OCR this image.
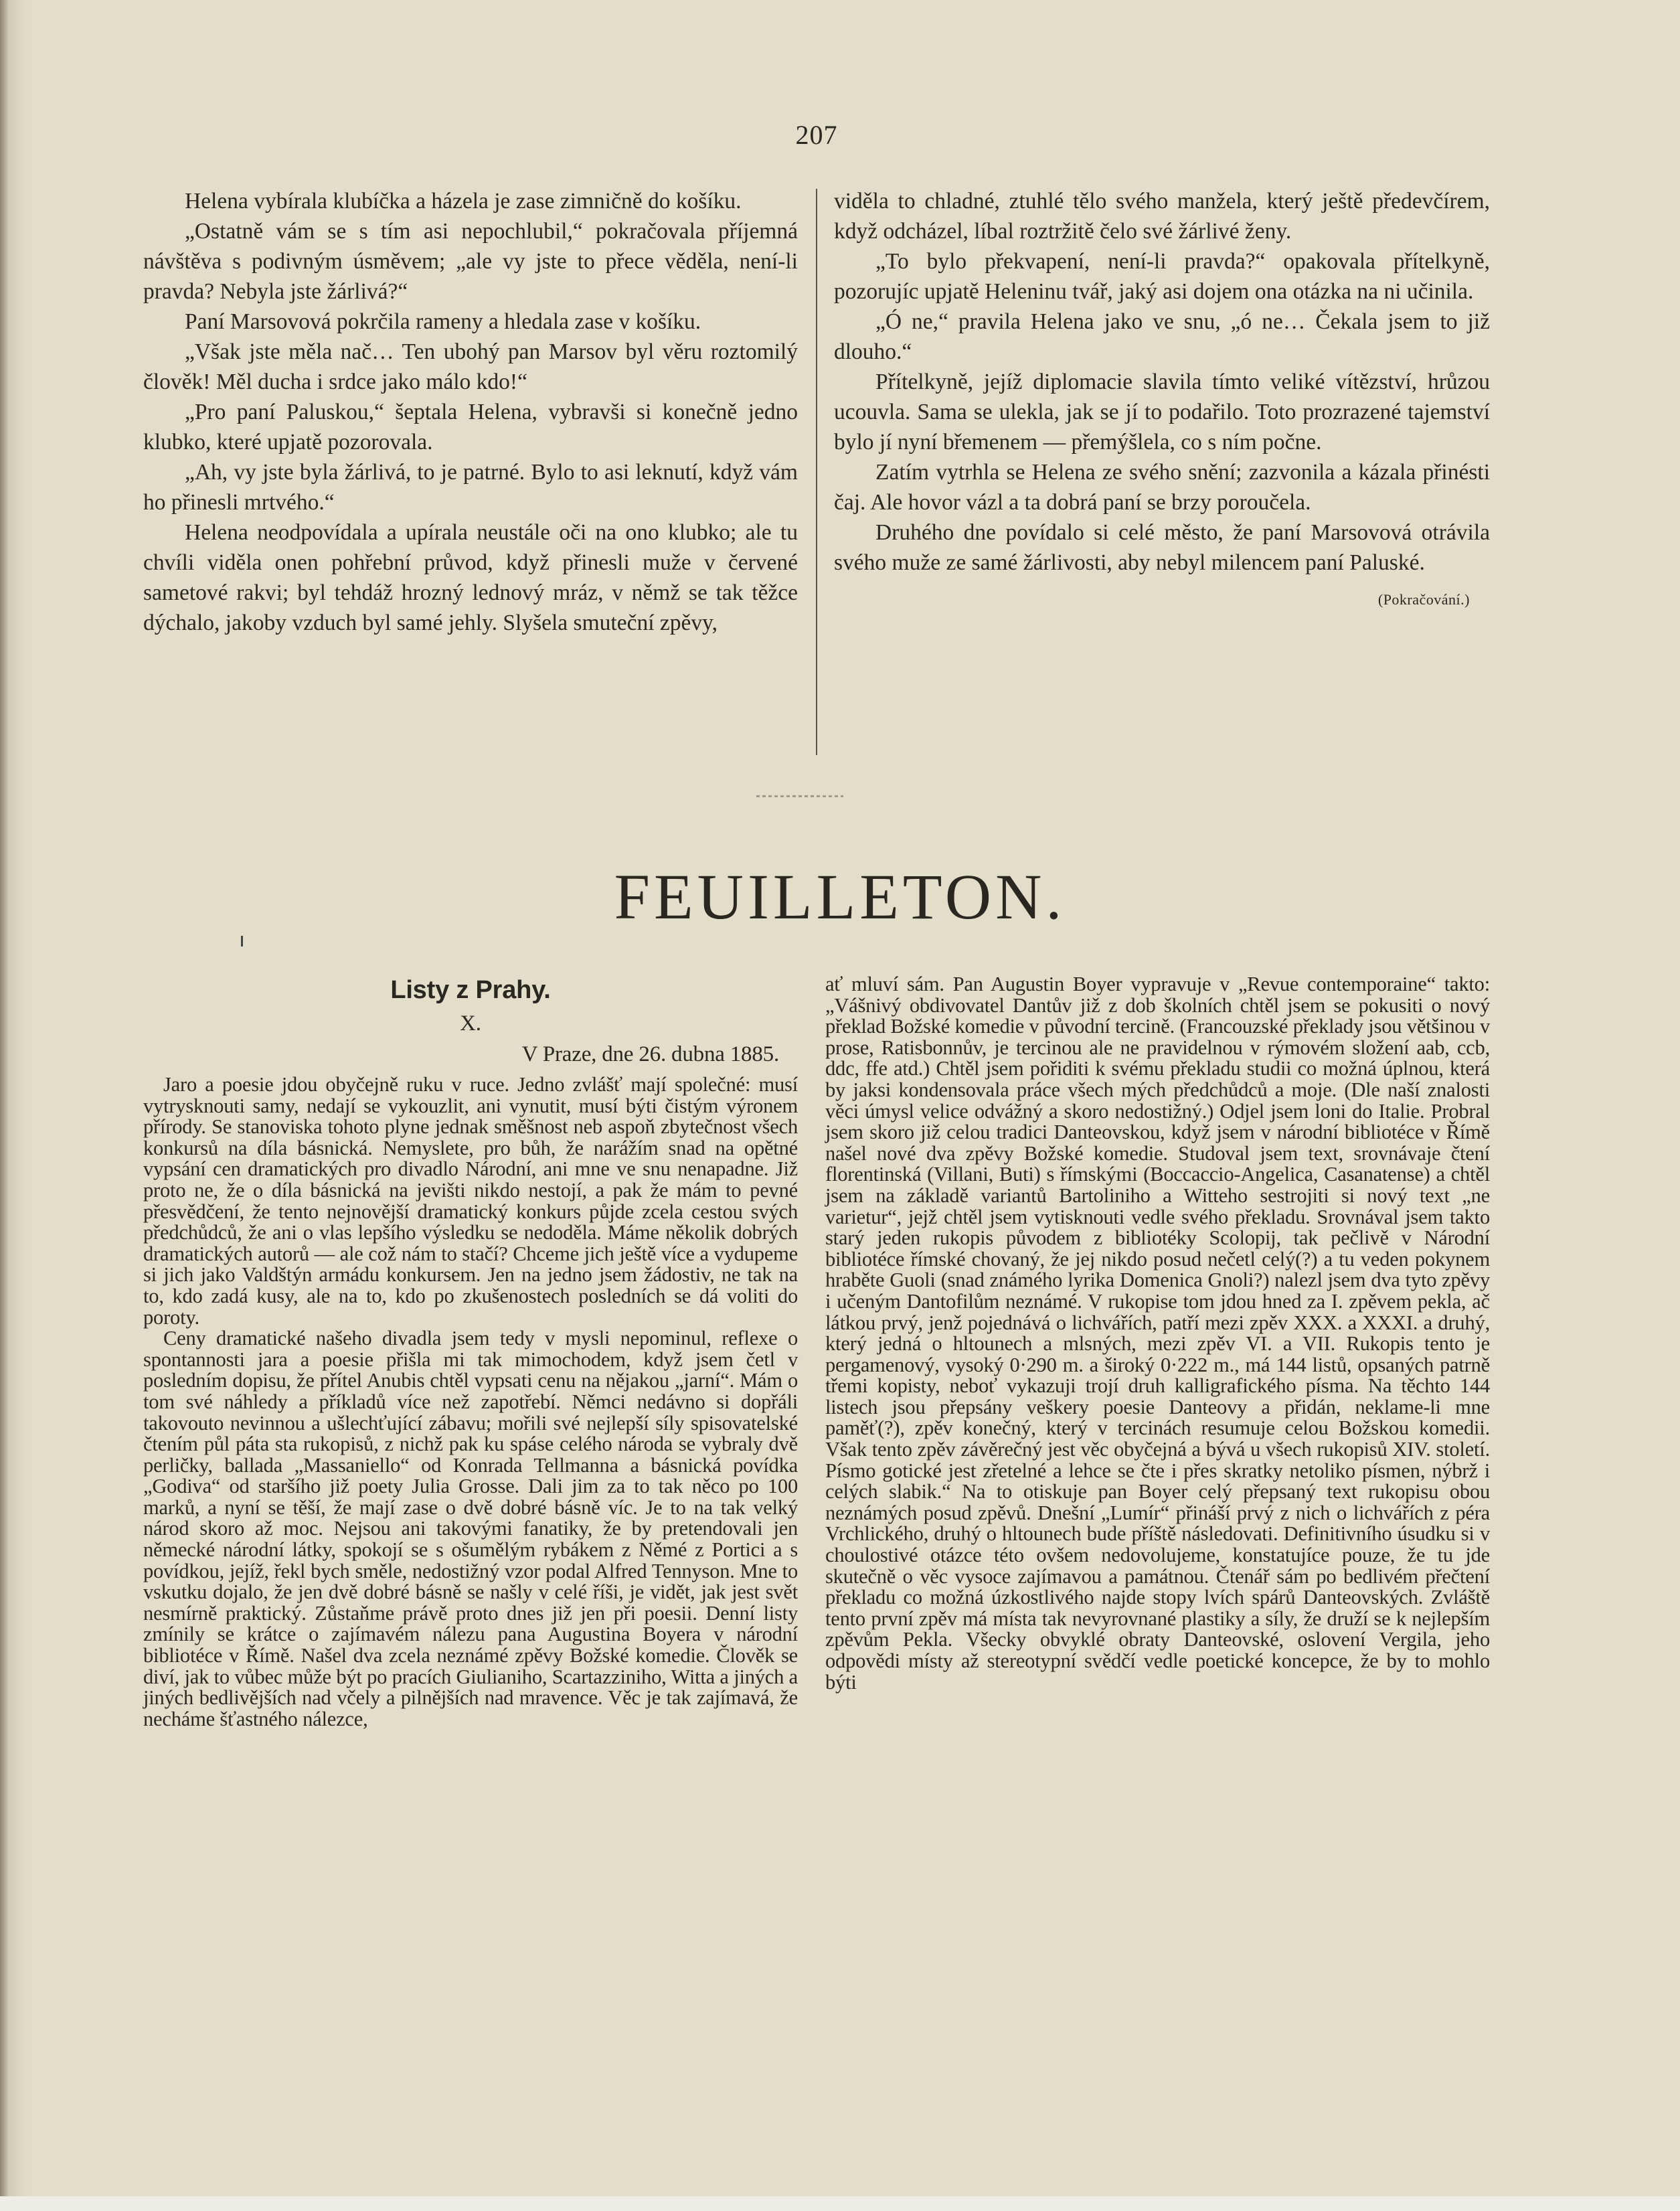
207

Helena vybírala klubíčka a házela je zase zimničně do košíku.

„Ostatně vám se s tím asi nepochlubil,“ pokračovala příjemná návštěva s podivným úsměvem; „ale vy jste to přece věděla, není-li pravda? Nebyla jste žárlivá?“

Paní Marsovová pokrčila rameny a hledala zase v košíku.

„Však jste měla nač… Ten ubohý pan Marsov byl věru roztomilý člověk! Měl ducha i srdce jako málo kdo!“

„Pro paní Paluskou,“ šeptala Helena, vybravši si konečně jedno klubko, které upjatě pozorovala.

„Ah, vy jste byla žárlivá, to je patrné. Bylo to asi leknutí, když vám ho přinesli mrtvého.“

Helena neodpovídala a upírala neustále oči na ono klubko; ale tu chvíli viděla onen pohřební průvod, když přinesli muže v červené sametové rakvi; byl tehdáž hrozný lednový mráz, v němž se tak těžce dýchalo, jakoby vzduch byl samé jehly. Slyšela smuteční zpěvy,

viděla to chladné, ztuhlé tělo svého manžela, který ještě předevčírem, když odcházel, líbal roztržitě čelo své žárlivé ženy.

„To bylo překvapení, není-li pravda?“ opakovala přítelkyně, pozorujíc upjatě Heleninu tvář, jaký asi dojem ona otázka na ni učinila.

„Ó ne,“ pravila Helena jako ve snu, „ó ne… Čekala jsem to již dlouho.“

Přítelkyně, jejíž diplomacie slavila tímto veliké vítězství, hrůzou ucouvla. Sama se ulekla, jak se jí to podařilo. Toto prozrazené tajemství bylo jí nyní břemenem — přemýšlela, co s ním počne.

Zatím vytrhla se Helena ze svého snění; zazvonila a kázala přinésti čaj. Ale hovor vázl a ta dobrá paní se brzy poroučela.

Druhého dne povídalo si celé město, že paní Marsovová otrávila svého muže ze samé žárlivosti, aby nebyl milencem paní Paluské.

(Pokračování.)
FEUILLETON.
Listy z Prahy.
X.
V Praze, dne 26. dubna 1885.

Jaro a poesie jdou obyčejně ruku v ruce. Jedno zvlášť mají společné: musí vytrysknouti samy, nedají se vykouzlit, ani vynutit, musí býti čistým výronem přírody. Se stanoviska tohoto plyne jednak směšnost neb aspoň zbytečnost všech konkursů na díla básnická. Nemyslete, pro bůh, že narážím snad na opětné vypsání cen dramatických pro divadlo Národní, ani mne ve snu nenapadne. Již proto ne, že o díla básnická na jevišti nikdo nestojí, a pak že mám to pevné přesvědčení, že tento nejnovější dramatický konkurs půjde zcela cestou svých předchůdců, že ani o vlas lepšího výsledku se nedoděla. Máme několik dobrých dramatických autorů — ale což nám to stačí? Chceme jich ještě více a vydupeme si jich jako Valdštýn armádu konkursem. Jen na jedno jsem žádostiv, ne tak na to, kdo zadá kusy, ale na to, kdo po zkušenostech posledních se dá voliti do poroty.

Ceny dramatické našeho divadla jsem tedy v mysli nepominul, reflexe o spontannosti jara a poesie přišla mi tak mimochodem, když jsem četl v posledním dopisu, že přítel Anubis chtěl vypsati cenu na nějakou „jarní“. Mám o tom své náhledy a příkladů více než zapotřebí. Němci nedávno si dopřáli takovouto nevinnou a ušlechťující zábavu; mořili své nejlepší síly spisovatelské čtením půl páta sta rukopisů, z nichž pak ku spáse celého národa se vybraly dvě perličky, ballada „Massaniello“ od Konrada Tellmanna a básnická povídka „Godiva“ od staršího již poety Julia Grosse. Dali jim za to tak něco po 100 marků, a nyní se těší, že mají zase o dvě dobré básně víc. Je to na tak velký národ skoro až moc. Nejsou ani takovými fanatiky, že by pretendovali jen německé národní látky, spokojí se s ošumělým rybákem z Němé z Portici a s povídkou, jejíž, řekl bych směle, nedostižný vzor podal Alfred Tennyson. Mne to vskutku dojalo, že jen dvě dobré básně se našly v celé říši, je vidět, jak jest svět nesmírně praktický. Zůstaňme právě proto dnes již jen při poesii. Denní listy zmínily se krátce o zajímavém nálezu pana Augustina Boyera v národní bibliotéce v Římě. Našel dva zcela neznámé zpěvy Božské komedie. Člověk se diví, jak to vůbec může být po pracích Giulianiho, Scartazziniho, Witta a jiných a jiných bedlivějších nad včely a pilnějších nad mravence. Věc je tak zajímavá, že necháme šťastného nálezce,

ať mluví sám. Pan Augustin Boyer vypravuje v „Revue contemporaine“ takto: „Vášnivý obdivovatel Dantův již z dob školních chtěl jsem se pokusiti o nový překlad Božské komedie v původní tercině. (Francouzské překlady jsou většinou v prose, Ratisbonnův, je tercinou ale ne pravidelnou v rýmovém složení aab, ccb, ddc, ffe atd.) Chtěl jsem pořiditi k svému překladu studii co možná úplnou, která by jaksi kondensovala práce všech mých předchůdců a moje. (Dle naší znalosti věci úmysl velice odvážný a skoro nedostižný.) Odjel jsem loni do Italie. Probral jsem skoro již celou tradici Danteovskou, když jsem v národní bibliotéce v Římě našel nové dva zpěvy Božské komedie. Studoval jsem text, srovnávaje čtení florentinská (Villani, Buti) s římskými (Boccaccio-Angelica, Casanatense) a chtěl jsem na základě variantů Bartoliniho a Witteho sestrojiti si nový text „ne varietur“, jejž chtěl jsem vytisknouti vedle svého překladu. Srovnával jsem takto starý jeden rukopis původem z bibliotéky Scolopij, tak pečlivě v Národní bibliotéce římské chovaný, že jej nikdo posud nečetl celý(?) a tu veden pokynem hraběte Guoli (snad známého lyrika Domenica Gnoli?) nalezl jsem dva tyto zpěvy i učeným Dantofilům neznámé. V rukopise tom jdou hned za I. zpěvem pekla, ač látkou prvý, jenž pojednává o lichvářích, patří mezi zpěv XXX. a XXXI. a druhý, který jedná o hltounech a mlsných, mezi zpěv VI. a VII. Rukopis tento je pergamenový, vysoký 0·290 m. a široký 0·222 m., má 144 listů, opsaných patrně třemi kopisty, neboť vykazuji trojí druh kalligrafického písma. Na těchto 144 listech jsou přepsány veškery poesie Danteovy a přidán, neklame-li mne paměť(?), zpěv konečný, který v tercinách resumuje celou Božskou komedii. Však tento zpěv závěrečný jest věc obyčejná a bývá u všech rukopisů XIV. století. Písmo gotické jest zřetelné a lehce se čte i přes skratky netoliko písmen, nýbrž i celých slabik.“ Na to otiskuje pan Boyer celý přepsaný text rukopisu obou neznámých posud zpěvů. Dnešní „Lumír“ přináší prvý z nich o lichvářích z péra Vrchlického, druhý o hltounech bude příště následovati. Definitivního úsudku si v choulostivé otázce této ovšem nedovolujeme, konstatujíce pouze, že tu jde skutečně o věc vysoce zajímavou a památnou. Čtenář sám po bedlivém přečtení překladu co možná úzkostlivého najde stopy lvích spárů Danteovských. Zvláště tento první zpěv má místa tak nevyrovnané plastiky a síly, že druží se k nejlepším zpěvům Pekla. Všecky obvyklé obraty Danteovské, oslovení Vergila, jeho odpovědi místy až stereotypní svědčí vedle poetické koncepce, že by to mohlo býti
